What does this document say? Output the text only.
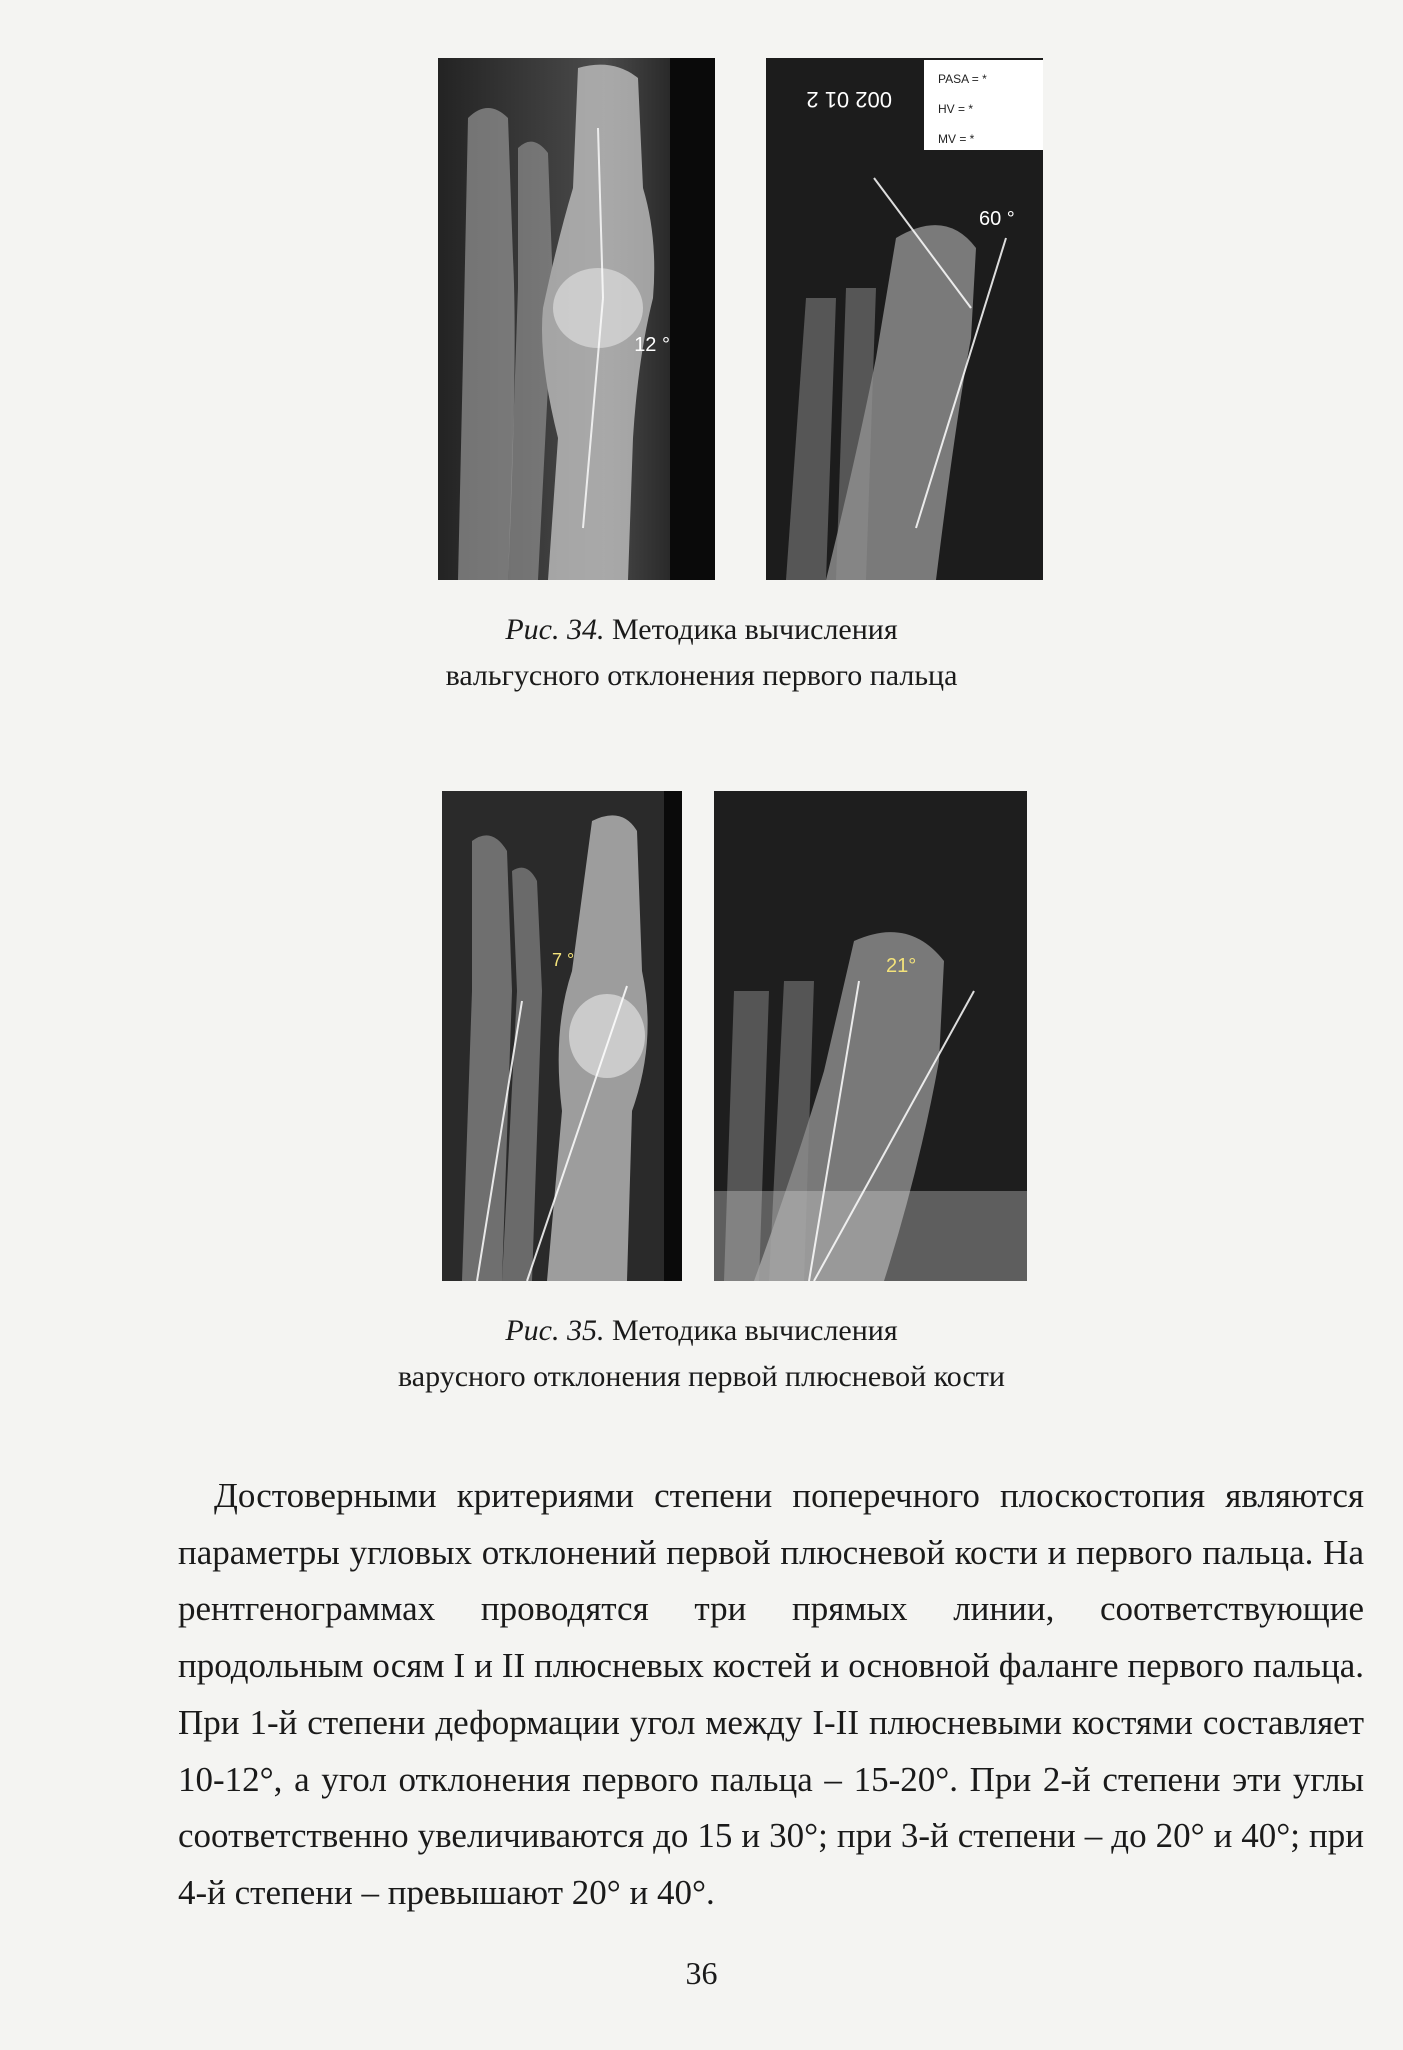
12 °
002 01 2
PASA = *
HV = *
MV = *
60 °
Рис. 34. Методика вычисления
вальгусного отклонения первого пальца
7 °	21°
Рис. 35. Методика вычисления
варусного отклонения первой плюсневой кости

Достоверными критериями степени поперечного плоскостопия являются параметры угловых отклонений первой плюсневой кости и первого пальца. На рентгенограммах проводятся три прямых линии, соответствующие продольным осям I и II плюсневых костей и основной фаланге первого пальца. При 1-й степени деформации угол между I-II плюсневыми костями составляет 10-12°, а угол отклонения первого пальца – 15-20°. При 2-й степени эти углы соответственно увеличиваются до 15 и 30°; при 3-й степени – до 20° и 40°; при 4-й степени – превышают 20° и 40°.

36
